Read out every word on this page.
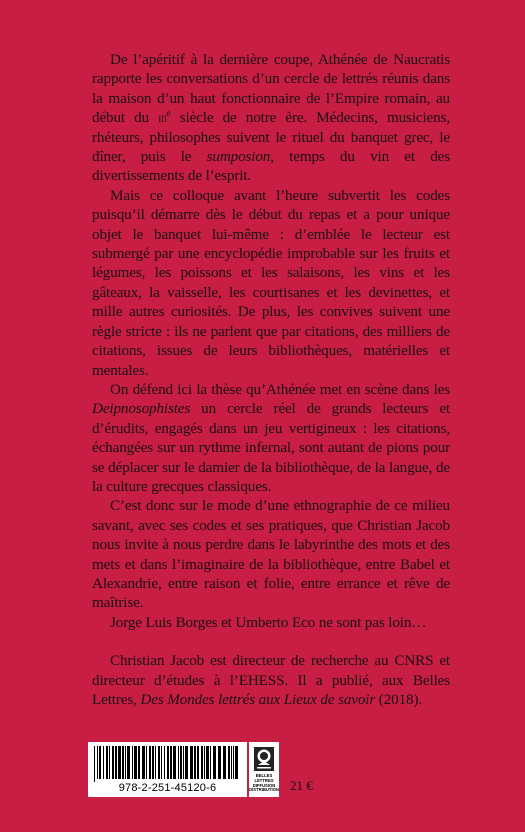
De l’apéritif à la dernière coupe, Athénée de Naucratis rapporte les conversations d’un cercle de lettrés réunis dans la maison d’un haut fonctionnaire de l’Empire romain, au début du iii$^e$ siècle de notre ère. Médecins, musiciens, rhéteurs, philosophes suivent le rituel du banquet grec, le dîner, puis le sumposion, temps du vin et des divertissements de l’esprit.

Mais ce colloque avant l’heure subvertit les codes puisqu’il démarre dès le début du repas et a pour unique objet le banquet lui-même : d’emblée le lecteur est submergé par une encyclopédie improbable sur les fruits et légumes, les poissons et les salaisons, les vins et les gâteaux, la vaisselle, les courtisanes et les devinettes, et mille autres curiosités. De plus, les convives suivent une règle stricte : ils ne parlent que par citations, des milliers de citations, issues de leurs bibliothèques, matérielles et mentales.

On défend ici la thèse qu’Athénée met en scène dans les Deipnosophistes un cercle réel de grands lecteurs et d’érudits, engagés dans un jeu vertigineux : les citations, échangées sur un rythme infernal, sont autant de pions pour se déplacer sur le damier de la bibliothèque, de la langue, de la culture grecques classiques.

C’est donc sur le mode d’une ethnographie de ce milieu savant, avec ses codes et ses pratiques, que Christian Jacob nous invite à nous perdre dans le labyrinthe des mots et des mets et dans l’imaginaire de la bibliothèque, entre Babel et Alexandrie, entre raison et folie, entre errance et rêve de maîtrise.

Jorge Luis Borges et Umberto Eco ne sont pas loin…

Christian Jacob est directeur de recherche au CNRS et directeur d’études à l’EHESS. Il a publié, aux Belles Lettres, Des Mondes lettrés aux Lieux de savoir (2018).

978-2-251-45120-6
BELLES LETTRES
DIFFUSION
DISTRIBUTION 21 €
